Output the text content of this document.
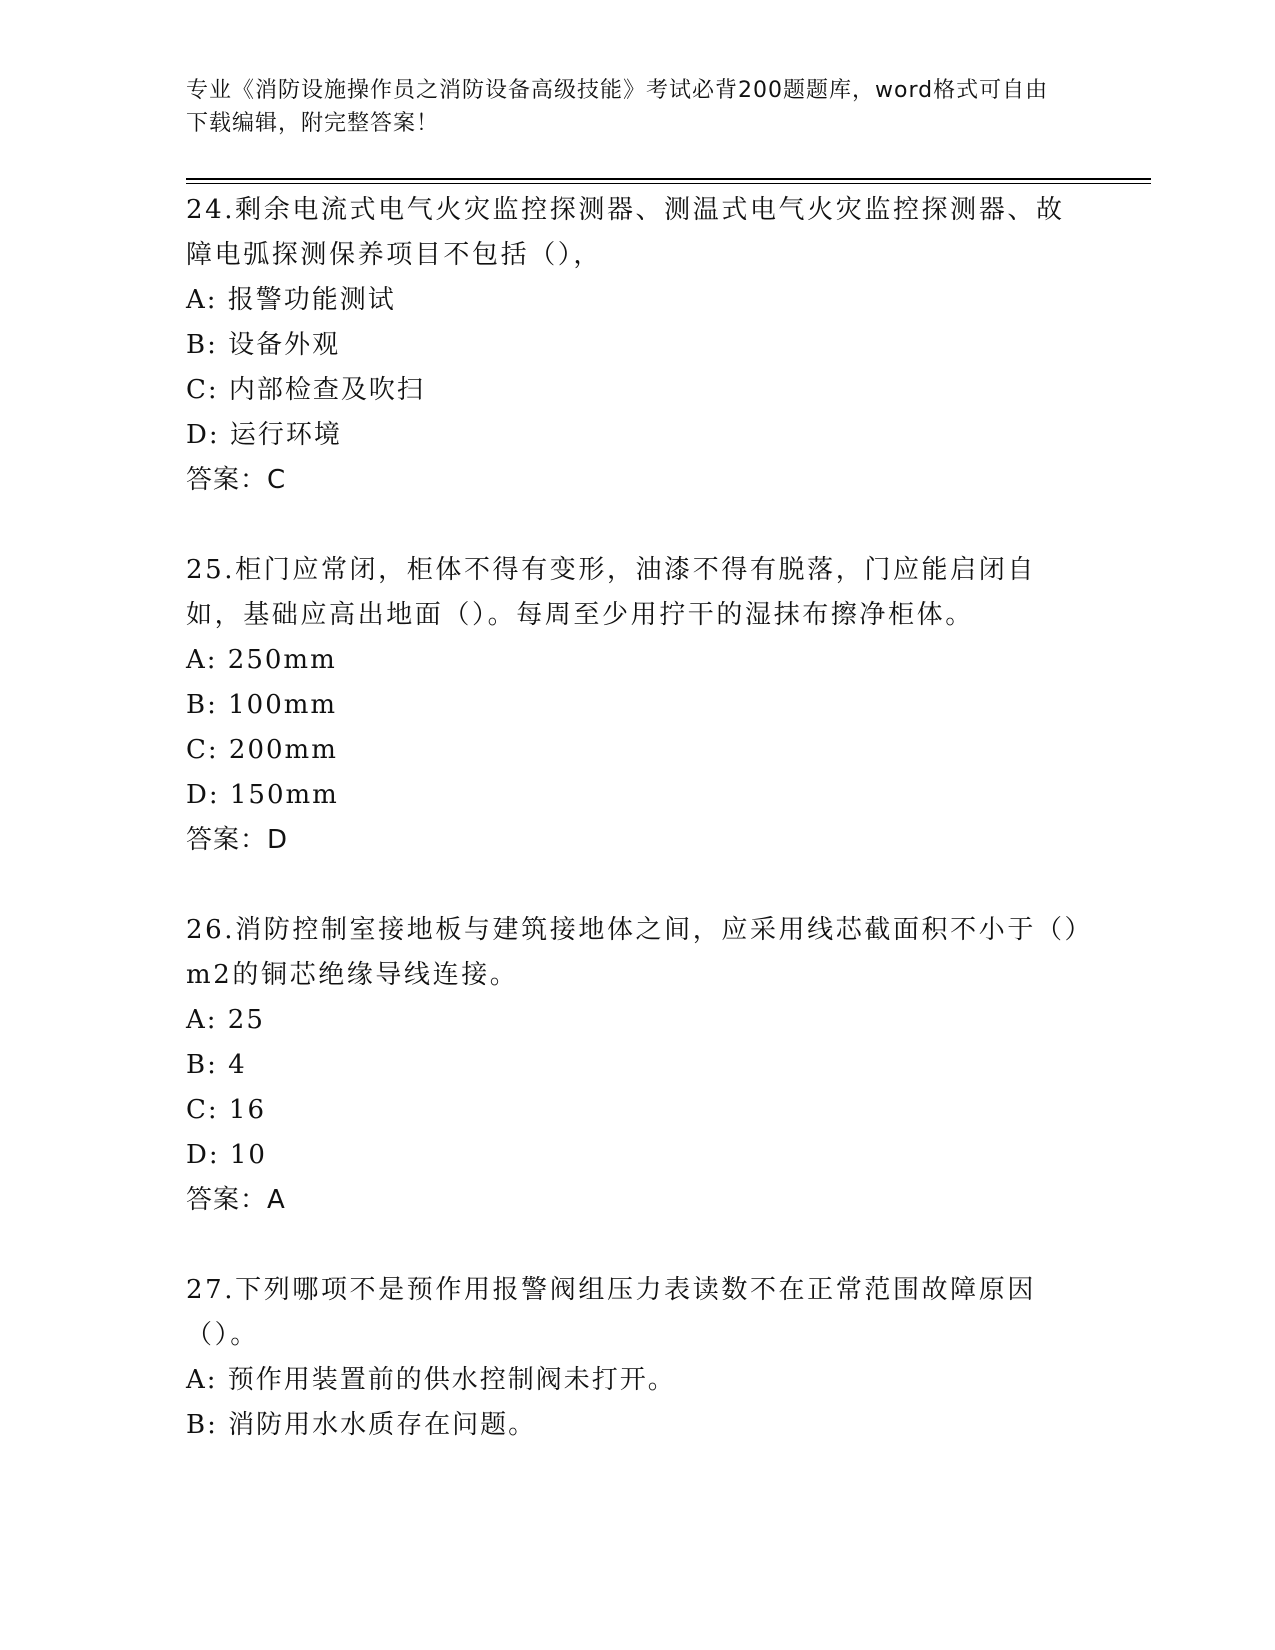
专业《消防设施操作员之消防设备高级技能》考试必背200题题库，word格式可自由下载编辑，附完整答案！
24.剩余电流式电气火灾监控探测器、测温式电气火灾监控探测器、故障电弧探测保养项目不包括（），
A: 报警功能测试
B: 设备外观
C: 内部检查及吹扫
D: 运行环境
答案：C
25.柜门应常闭，柜体不得有变形，油漆不得有脱落，门应能启闭自如，基础应高出地面（）。每周至少用拧干的湿抹布擦净柜体。
A: 250mm
B: 100mm
C: 200mm
D: 150mm
答案：D
26.消防控制室接地板与建筑接地体之间，应采用线芯截面积不小于（）m2的铜芯绝缘导线连接。
A: 25
B: 4
C: 16
D: 10
答案：A
27.下列哪项不是预作用报警阀组压力表读数不在正常范围故障原因（）。
A: 预作用装置前的供水控制阀未打开。
B: 消防用水水质存在问题。
